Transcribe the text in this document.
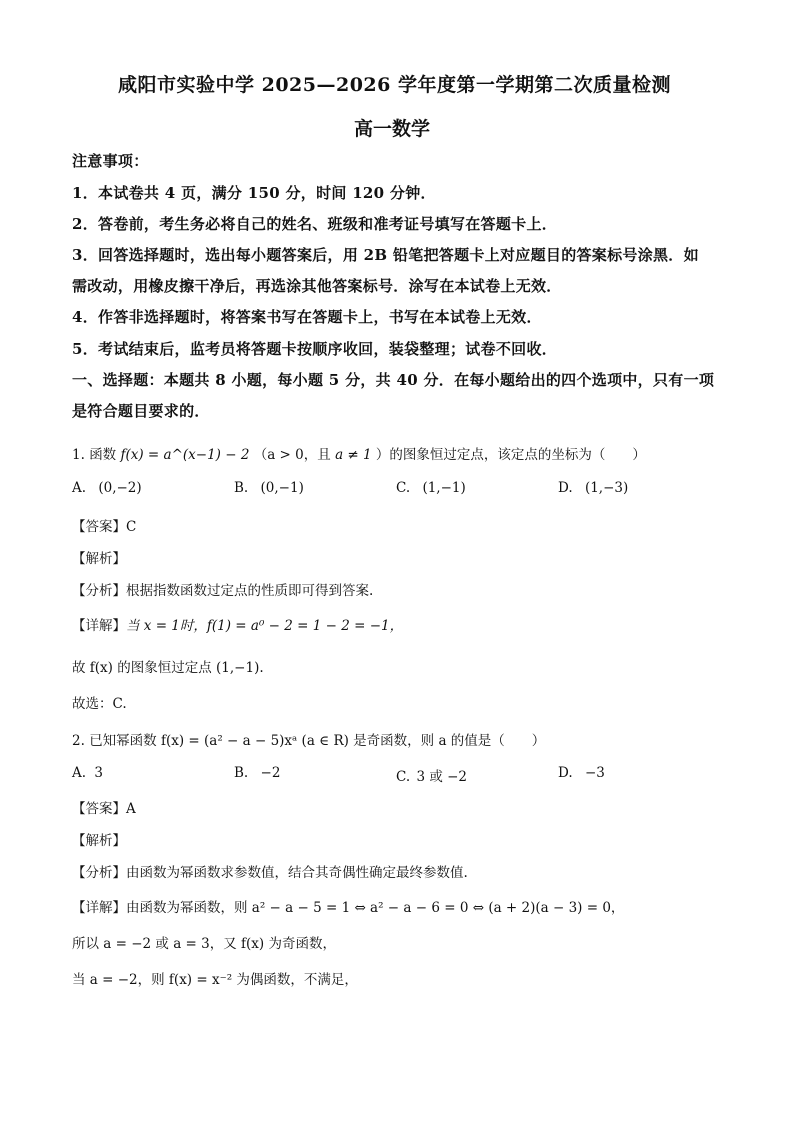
咸阳市实验中学 2025—2026 学年度第一学期第二次质量检测
高一数学
注意事项：
1．本试卷共 4 页，满分 150 分，时间 120 分钟．
2．答卷前，考生务必将自己的姓名、班级和准考证号填写在答题卡上．
3．回答选择题时，选出每小题答案后，用 2B 铅笔把答题卡上对应题目的答案标号涂黑．如
需改动，用橡皮擦干净后，再选涂其他答案标号．涂写在本试卷上无效．
4．作答非选择题时，将答案书写在答题卡上，书写在本试卷上无效．
5．考试结束后，监考员将答题卡按顺序收回，装袋整理；试卷不回收．
一、选择题：本题共 8 小题，每小题 5 分，共 40 分．在每小题给出的四个选项中，只有一项
是符合题目要求的．
1. 函数 f(x) = a^(x−1) − 2 （a > 0，且 a ≠ 1 ）的图象恒过定点，该定点的坐标为（　　）
A. (0,−2)	B. (0,−1)	C. (1,−1)	D. (1,−3)
【答案】C
【解析】
【分析】根据指数函数过定点的性质即可得到答案.
【详解】当 x = 1时，f(1) = a⁰ − 2 = 1 − 2 = −1，
故 f(x) 的图象恒过定点 (1,−1).
故选：C.
2. 已知幂函数 f(x) = (a² − a − 5)xᵃ (a ∈ R) 是奇函数，则 a 的值是（　　）
A. 3	B. −2	C. 3 或 −2	D. −3
【答案】A
【解析】
【分析】由函数为幂函数求参数值，结合其奇偶性确定最终参数值.
【详解】由函数为幂函数，则 a² − a − 5 = 1 ⇔ a² − a − 6 = 0 ⇔ (a + 2)(a − 3) = 0，
所以 a = −2 或 a = 3，又 f(x) 为奇函数，
当 a = −2，则 f(x) = x⁻² 为偶函数，不满足，
